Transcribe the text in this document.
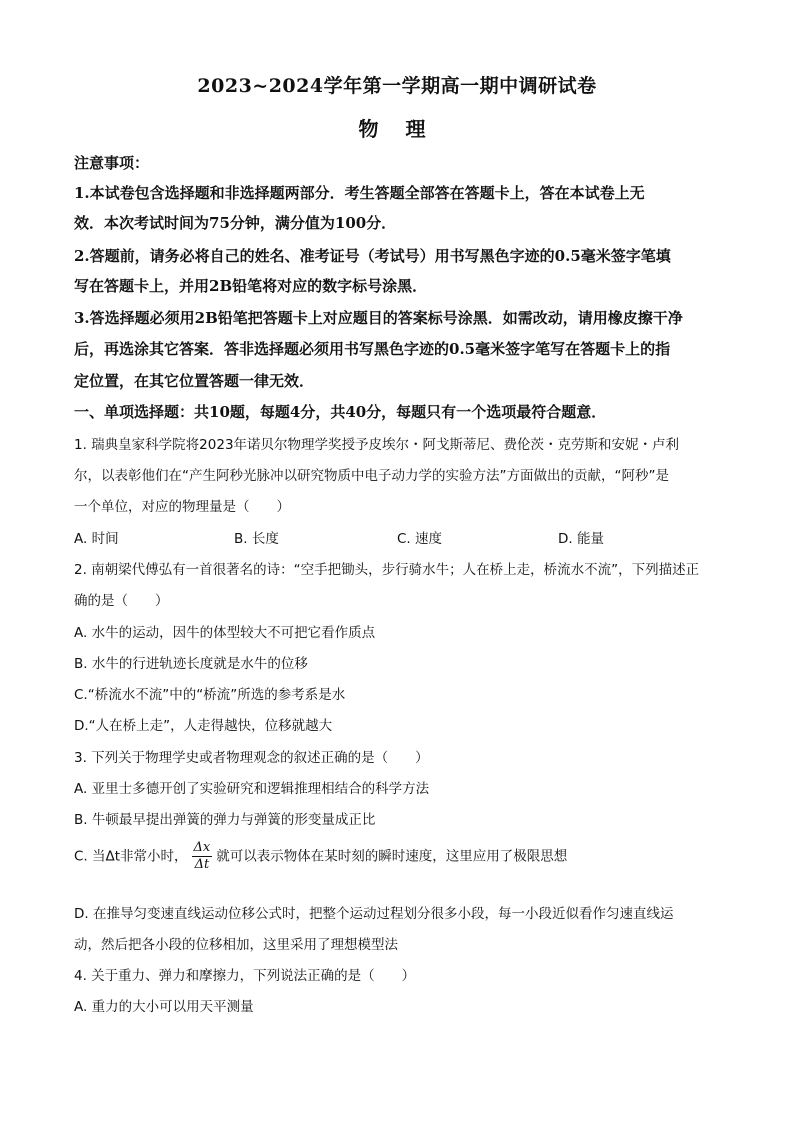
2023~2024学年第一学期高一期中调研试卷
物 理
注意事项：
1.本试卷包含选择题和非选择题两部分．考生答题全部答在答题卡上，答在本试卷上无
效．本次考试时间为75分钟，满分值为100分．
2.答题前，请务必将自己的姓名、准考证号（考试号）用书写黑色字迹的0.5毫米签字笔填
写在答题卡上，并用2B铅笔将对应的数字标号涂黑．
3.答选择题必须用2B铅笔把答题卡上对应题目的答案标号涂黑．如需改动，请用橡皮擦干净
后，再选涂其它答案．答非选择题必须用书写黑色字迹的0.5毫米签字笔写在答题卡上的指
定位置，在其它位置答题一律无效．
一、单项选择题：共10题，每题4分，共40分，每题只有一个选项最符合题意．
1. 瑞典皇家科学院将2023年诺贝尔物理学奖授予皮埃尔・阿戈斯蒂尼、费伦茨・克劳斯和安妮・卢利
尔，以表彰他们在“产生阿秒光脉冲以研究物质中电子动力学的实验方法”方面做出的贡献，“阿秒”是
一个单位，对应的物理量是（　　）
A. 时间	B. 长度	C. 速度	D. 能量
2. 南朝梁代傅弘有一首很著名的诗：“空手把锄头，步行骑水牛；人在桥上走，桥流水不流”，下列描述正
确的是（　　）
A. 水牛的运动，因牛的体型较大不可把它看作质点
B. 水牛的行进轨迹长度就是水牛的位移
C.“桥流水不流”中的“桥流”所选的参考系是水
D.“人在桥上走”，人走得越快，位移就越大
3. 下列关于物理学史或者物理观念的叙述正确的是（　　）
A. 亚里士多德开创了实验研究和逻辑推理相结合的科学方法
B. 牛顿最早提出弹簧的弹力与弹簧的形变量成正比
C. 当Δt非常小时， $\frac{\Delta x}{\Delta t}$ 就可以表示物体在某时刻的瞬时速度，这里应用了极限思想
D. 在推导匀变速直线运动位移公式时，把整个运动过程划分很多小段，每一小段近似看作匀速直线运
动，然后把各小段的位移相加，这里采用了理想模型法
4. 关于重力、弹力和摩擦力，下列说法正确的是（　　）
A. 重力的大小可以用天平测量
